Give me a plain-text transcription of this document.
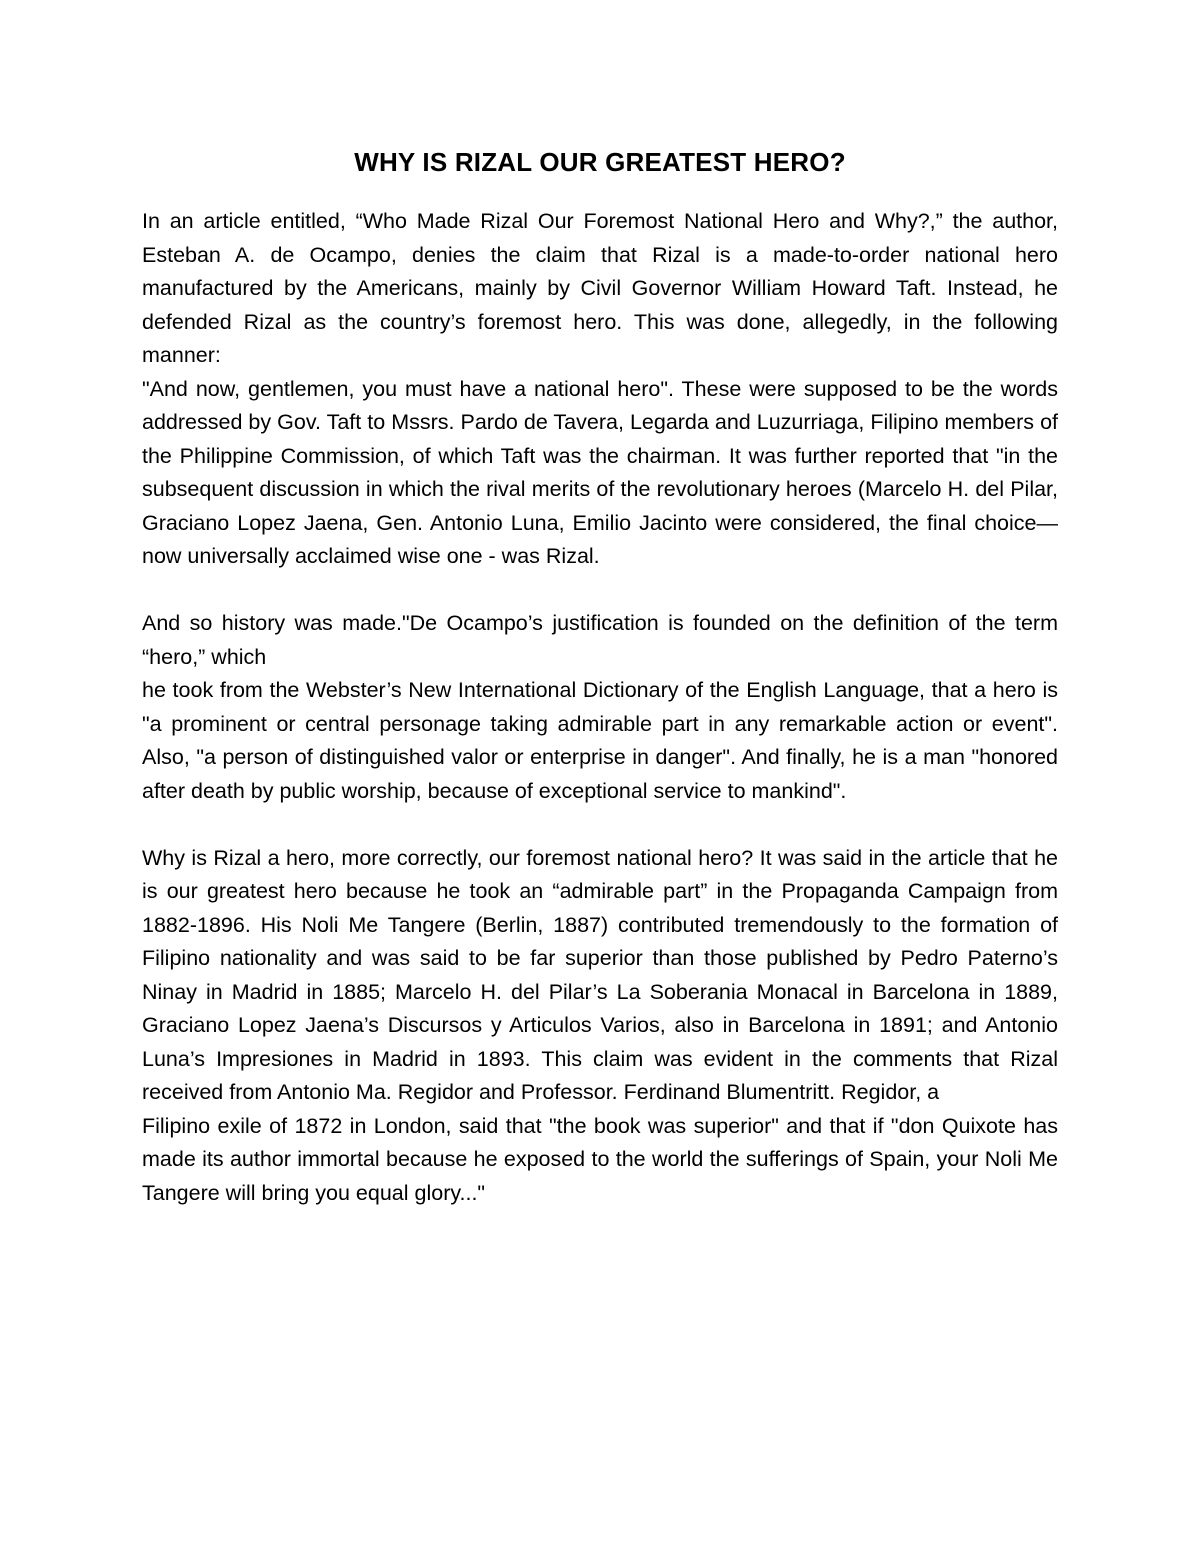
WHY IS RIZAL OUR GREATEST HERO?

In an article entitled, “Who Made Rizal Our Foremost National Hero and Why?,” the author, Esteban A. de Ocampo, denies the claim that Rizal is a made-to-order national hero manufactured by the Americans, mainly by Civil Governor William Howard Taft. Instead, he defended Rizal as the country’s foremost hero. This was done, allegedly, in the following manner:

"And now, gentlemen, you must have a national hero". These were supposed to be the words addressed by Gov. Taft to Mssrs. Pardo de Tavera, Legarda and Luzurriaga, Filipino members of the Philippine Commission, of which Taft was the chairman. It was further reported that "in the subsequent discussion in which the rival merits of the revolutionary heroes (Marcelo H. del Pilar, Graciano Lopez Jaena, Gen. Antonio Luna, Emilio Jacinto were considered, the final choice—now universally acclaimed wise one - was Rizal.

And so history was made."De Ocampo’s justification is founded on the definition of the term “hero,” which

he took from the Webster’s New International Dictionary of the English Language, that a hero is "a prominent or central personage taking admirable part in any remarkable action or event". Also, "a person of distinguished valor or enterprise in danger". And finally, he is a man "honored after death by public worship, because of exceptional service to mankind".

Why is Rizal a hero, more correctly, our foremost national hero? It was said in the article that he is our greatest hero because he took an “admirable part” in the Propaganda Campaign from 1882-1896. His Noli Me Tangere (Berlin, 1887) contributed tremendously to the formation of Filipino nationality and was said to be far superior than those published by Pedro Paterno’s Ninay in Madrid in 1885; Marcelo H. del Pilar’s La Soberania Monacal in Barcelona in 1889, Graciano Lopez Jaena’s Discursos y Articulos Varios, also in Barcelona in 1891; and Antonio Luna’s Impresiones in Madrid in 1893. This claim was evident in the comments that Rizal received from Antonio Ma. Regidor and Professor. Ferdinand Blumentritt. Regidor, a

Filipino exile of 1872 in London, said that "the book was superior" and that if "don Quixote has made its author immortal because he exposed to the world the sufferings of Spain, your Noli Me Tangere will bring you equal glory..."
